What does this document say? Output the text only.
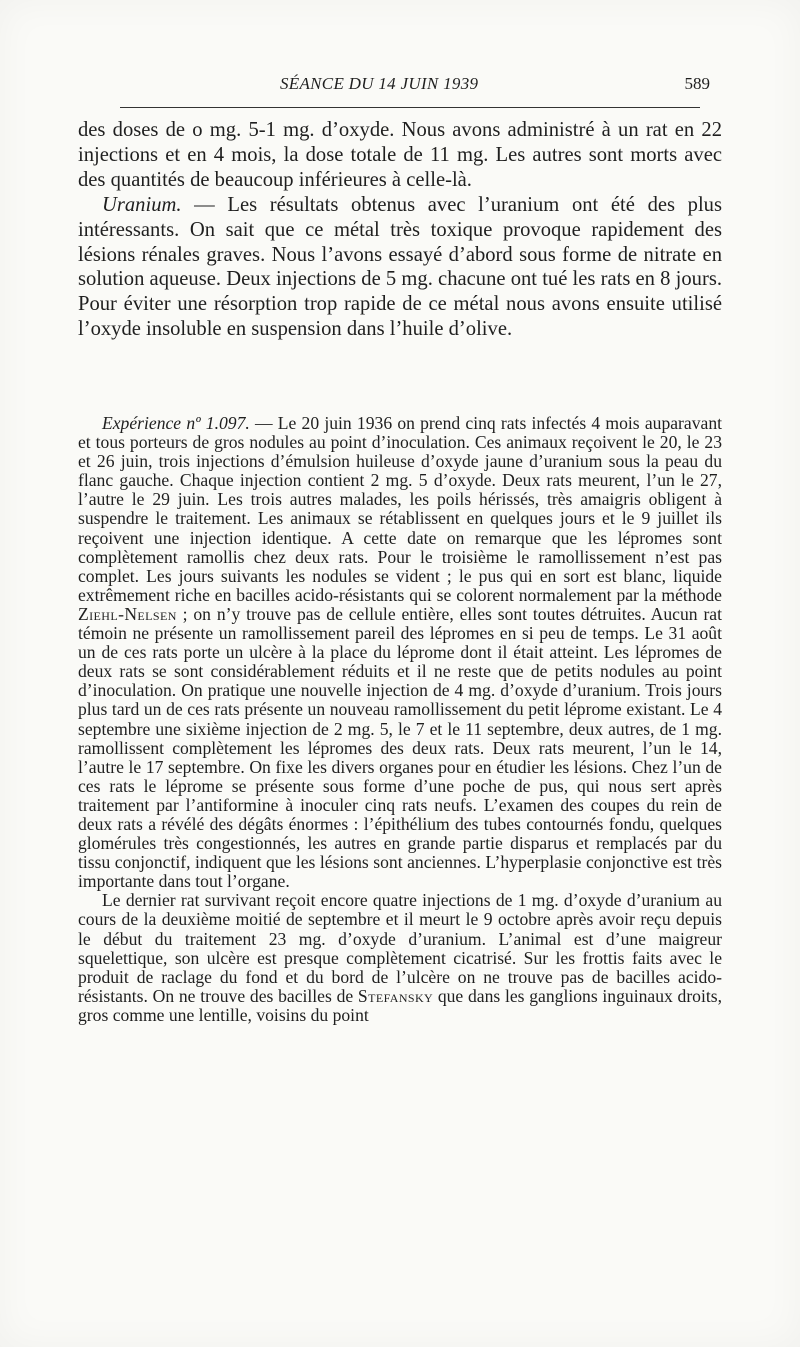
SÉANCE DU 14 JUIN 1939	589

des doses de o mg. 5-1 mg. d’oxyde. Nous avons administré à un rat en 22 injections et en 4 mois, la dose totale de 11 mg. Les autres sont morts avec des quantités de beaucoup inférieures à celle-là.

Uranium. — Les résultats obtenus avec l’uranium ont été des plus intéressants. On sait que ce métal très toxique provoque rapidement des lésions rénales graves. Nous l’avons essayé d’abord sous forme de nitrate en solution aqueuse. Deux injections de 5 mg. chacune ont tué les rats en 8 jours. Pour éviter une résorption trop rapide de ce métal nous avons ensuite utilisé l’oxyde insoluble en suspension dans l’huile d’olive.

Expérience nº 1.097. — Le 20 juin 1936 on prend cinq rats infectés 4 mois auparavant et tous porteurs de gros nodules au point d’inoculation. Ces animaux reçoivent le 20, le 23 et 26 juin, trois injections d’émulsion huileuse d’oxyde jaune d’uranium sous la peau du flanc gauche. Chaque injection contient 2 mg. 5 d’oxyde. Deux rats meurent, l’un le 27, l’autre le 29 juin. Les trois autres malades, les poils hérissés, très amaigris obligent à suspendre le traitement. Les animaux se rétablissent en quelques jours et le 9 juillet ils reçoivent une injection identique. A cette date on remarque que les lépromes sont complètement ramollis chez deux rats. Pour le troisième le ramollissement n’est pas complet. Les jours suivants les nodules se vident ; le pus qui en sort est blanc, liquide extrêmement riche en bacilles acido-résistants qui se colorent normalement par la méthode Ziehl-Nelsen ; on n’y trouve pas de cellule entière, elles sont toutes détruites. Aucun rat témoin ne présente un ramollissement pareil des lépromes en si peu de temps. Le 31 août un de ces rats porte un ulcère à la place du léprome dont il était atteint. Les lépromes de deux rats se sont considérablement réduits et il ne reste que de petits nodules au point d’inoculation. On pratique une nouvelle injection de 4 mg. d’oxyde d’uranium. Trois jours plus tard un de ces rats présente un nouveau ramollissement du petit léprome existant. Le 4 septembre une sixième injection de 2 mg. 5, le 7 et le 11 septembre, deux autres, de 1 mg. ramollissent complètement les lépromes des deux rats. Deux rats meurent, l’un le 14, l’autre le 17 septembre. On fixe les divers organes pour en étudier les lésions. Chez l’un de ces rats le léprome se présente sous forme d’une poche de pus, qui nous sert après traitement par l’antiformine à inoculer cinq rats neufs. L’examen des coupes du rein de deux rats a révélé des dégâts énormes : l’épithélium des tubes contournés fondu, quelques glomérules très congestionnés, les autres en grande partie disparus et remplacés par du tissu conjonctif, indiquent que les lésions sont anciennes. L’hyperplasie conjonctive est très importante dans tout l’organe.

Le dernier rat survivant reçoit encore quatre injections de 1 mg. d’oxyde d’uranium au cours de la deuxième moitié de septembre et il meurt le 9 octobre après avoir reçu depuis le début du traitement 23 mg. d’oxyde d’uranium. L’animal est d’une maigreur squelettique, son ulcère est presque complètement cicatrisé. Sur les frottis faits avec le produit de raclage du fond et du bord de l’ulcère on ne trouve pas de bacilles acido-résistants. On ne trouve des bacilles de Stefansky que dans les ganglions inguinaux droits, gros comme une lentille, voisins du point
